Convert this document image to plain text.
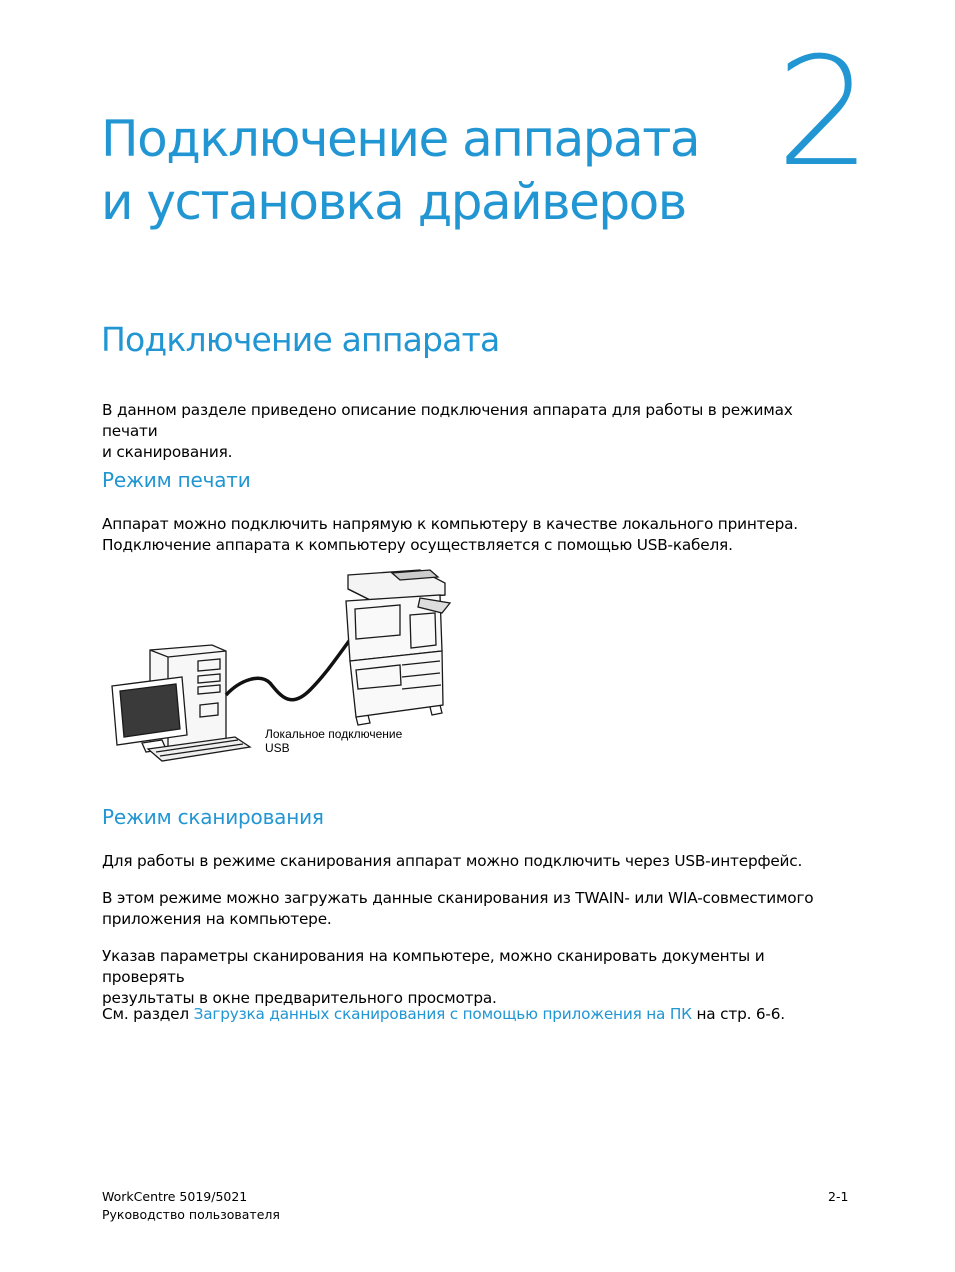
2
Подключение аппарата
и установка драйверов
Подключение аппарата
В данном разделе приведено описание подключения аппарата для работы в режимах печати
и сканирования.
Режим печати
Аппарат можно подключить напрямую к компьютеру в качестве локального принтера.
Подключение аппарата к компьютеру осуществляется с помощью USB-кабеля.
Локальное подключение
USB
Режим сканирования
Для работы в режиме сканирования аппарат можно подключить через USB-интерфейс.
В этом режиме можно загружать данные сканирования из TWAIN- или WIA-совместимого
приложения на компьютере.
Указав параметры сканирования на компьютере, можно сканировать документы и проверять
результаты в окне предварительного просмотра.
См. раздел Загрузка данных сканирования с помощью приложения на ПК на стр. 6-6.
WorkCentre 5019/5021
Руководство пользователя
2-1
